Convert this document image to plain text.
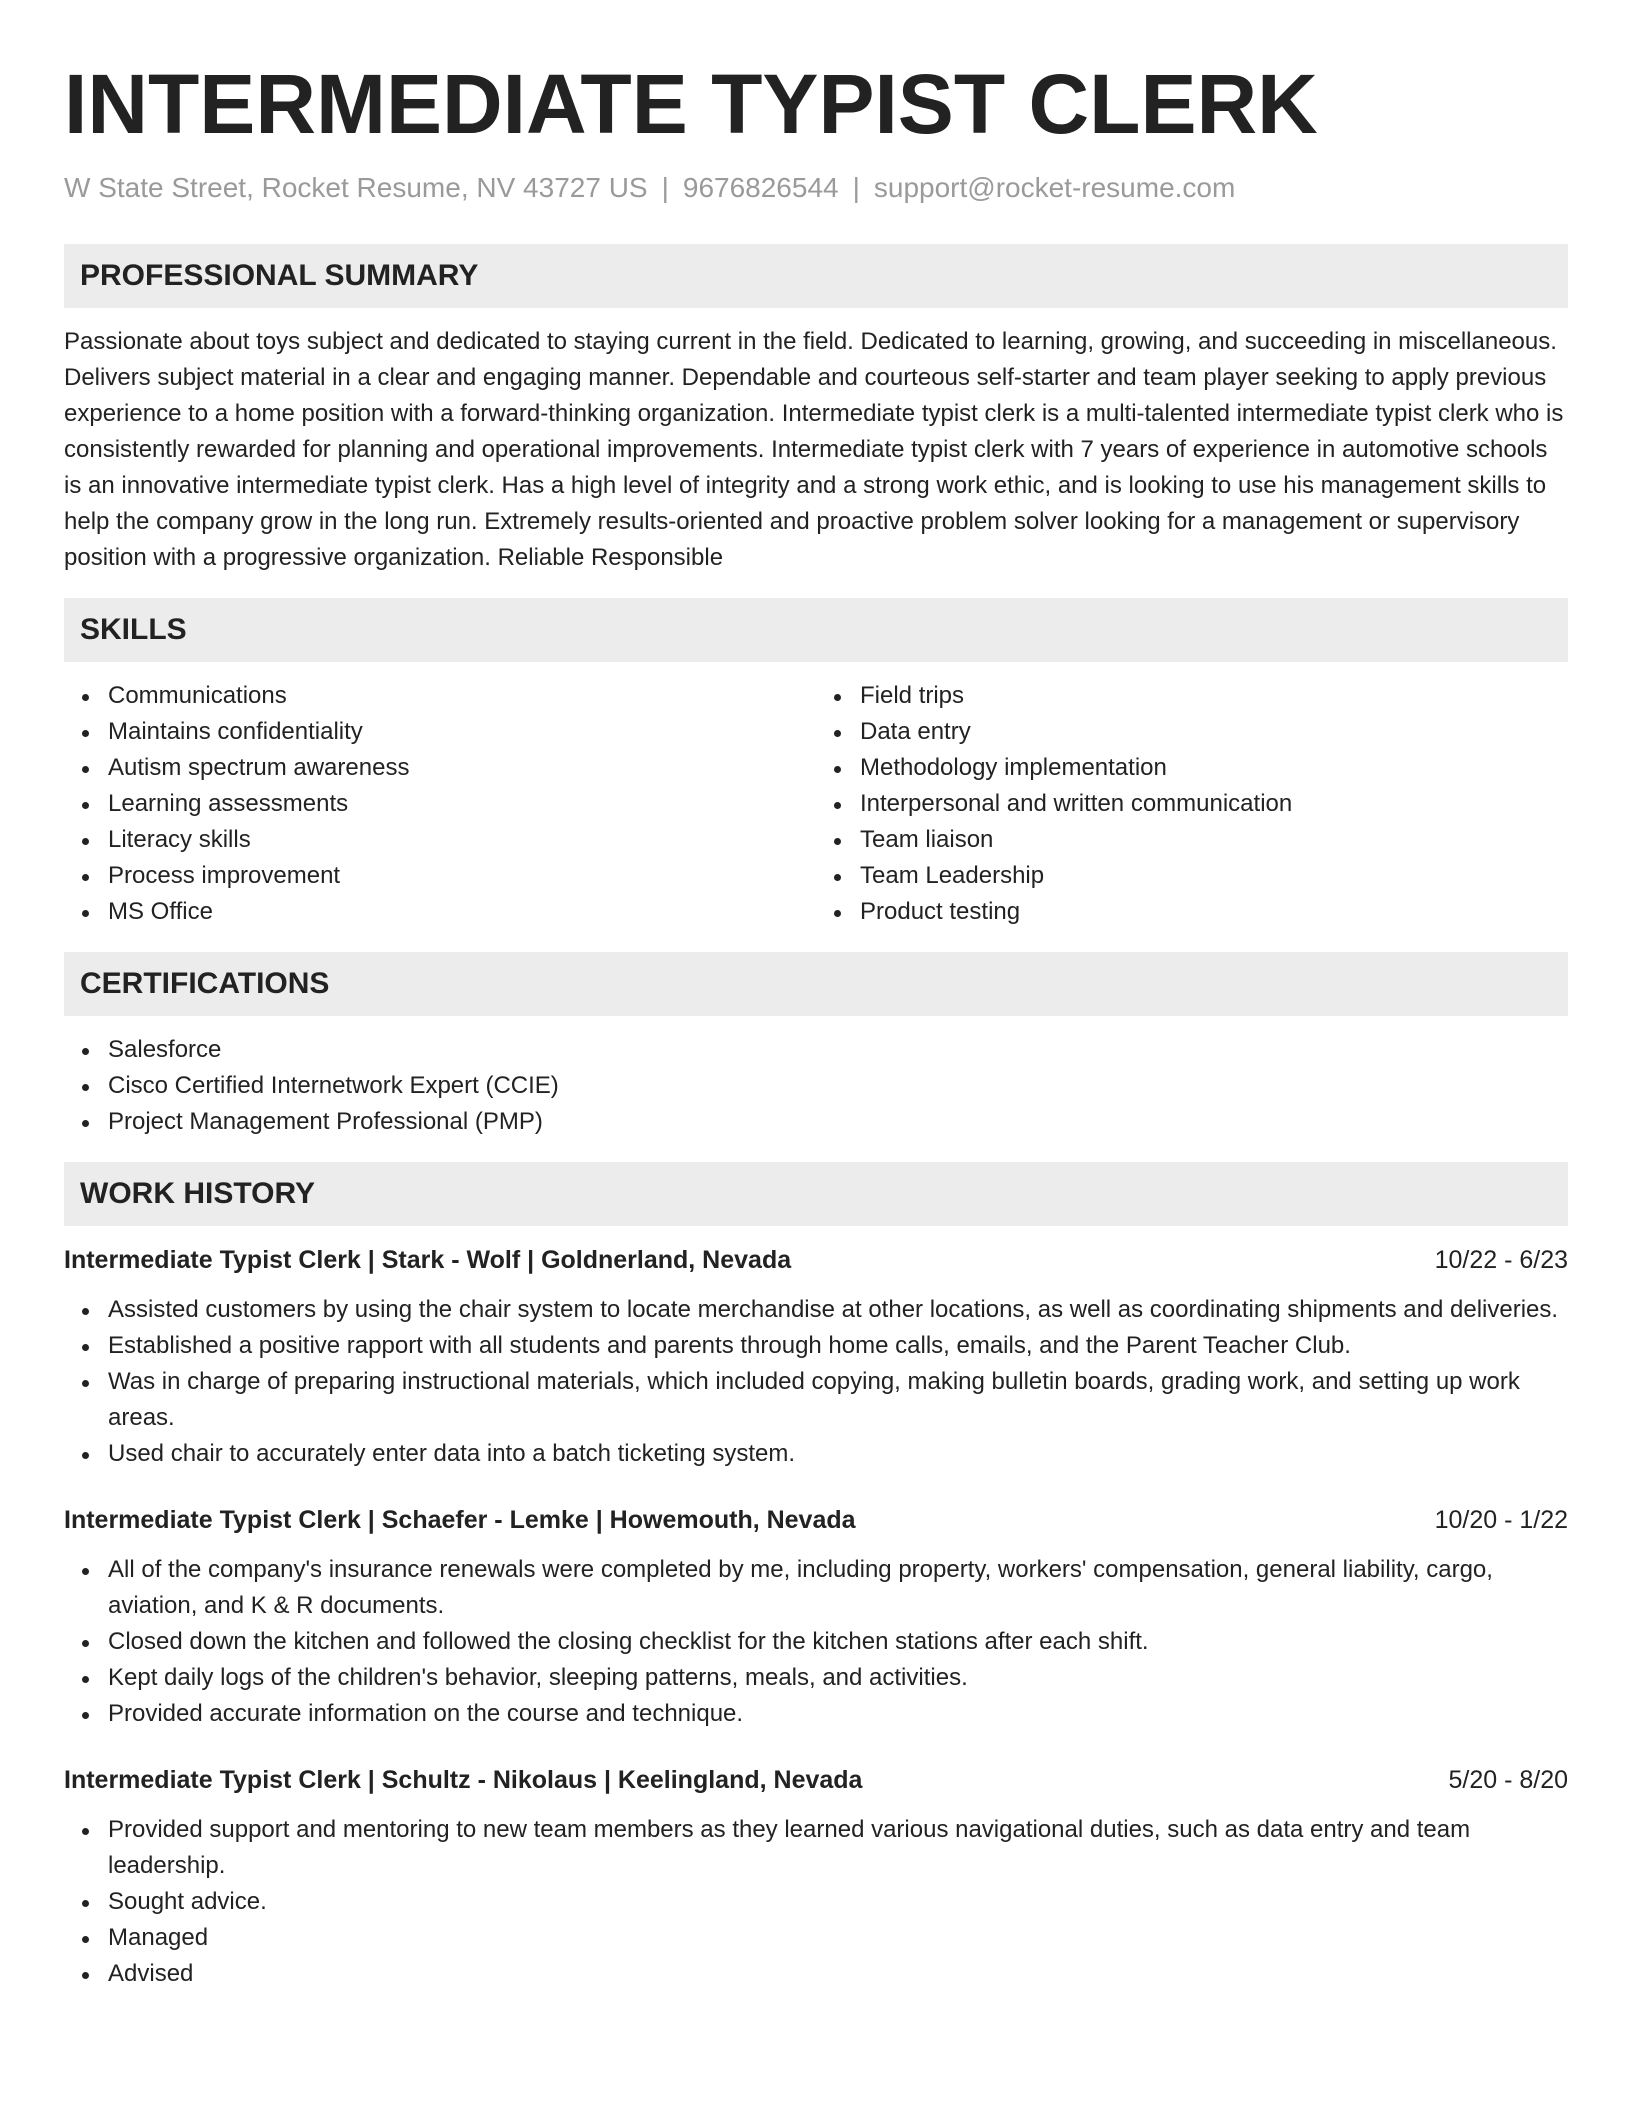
INTERMEDIATE TYPIST CLERK
W State Street, Rocket Resume, NV 43727 US | 9676826544 | support@rocket-resume.com
PROFESSIONAL SUMMARY

Passionate about toys subject and dedicated to staying current in the field. Dedicated to learning, growing, and succeeding in miscellaneous. Delivers subject material in a clear and engaging manner. Dependable and courteous self-starter and team player seeking to apply previous experience to a home position with a forward-thinking organization. Intermediate typist clerk is a multi-talented intermediate typist clerk who is consistently rewarded for planning and operational improvements. Intermediate typist clerk with 7 years of experience in automotive schools is an innovative intermediate typist clerk. Has a high level of integrity and a strong work ethic, and is looking to use his management skills to help the company grow in the long run. Extremely results-oriented and proactive problem solver looking for a management or supervisory position with a progressive organization. Reliable Responsible

SKILLS
Communications
Maintains confidentiality
Autism spectrum awareness
Learning assessments
Literacy skills
Process improvement
MS Office
Field trips
Data entry
Methodology implementation
Interpersonal and written communication
Team liaison
Team Leadership
Product testing
CERTIFICATIONS
Salesforce
Cisco Certified Internetwork Expert (CCIE)
Project Management Professional (PMP)
WORK HISTORY
Intermediate Typist Clerk | Stark - Wolf | Goldnerland, Nevada	10/22 - 6/23
Assisted customers by using the chair system to locate merchandise at other locations, as well as coordinating shipments and deliveries.
Established a positive rapport with all students and parents through home calls, emails, and the Parent Teacher Club.
Was in charge of preparing instructional materials, which included copying, making bulletin boards, grading work, and setting up work areas.
Used chair to accurately enter data into a batch ticketing system.
Intermediate Typist Clerk | Schaefer - Lemke | Howemouth, Nevada	10/20 - 1/22
All of the company's insurance renewals were completed by me, including property, workers' compensation, general liability, cargo, aviation, and K & R documents.
Closed down the kitchen and followed the closing checklist for the kitchen stations after each shift.
Kept daily logs of the children's behavior, sleeping patterns, meals, and activities.
Provided accurate information on the course and technique.
Intermediate Typist Clerk | Schultz - Nikolaus | Keelingland, Nevada	5/20 - 8/20
Provided support and mentoring to new team members as they learned various navigational duties, such as data entry and team leadership.
Sought advice.
Managed
Advised
